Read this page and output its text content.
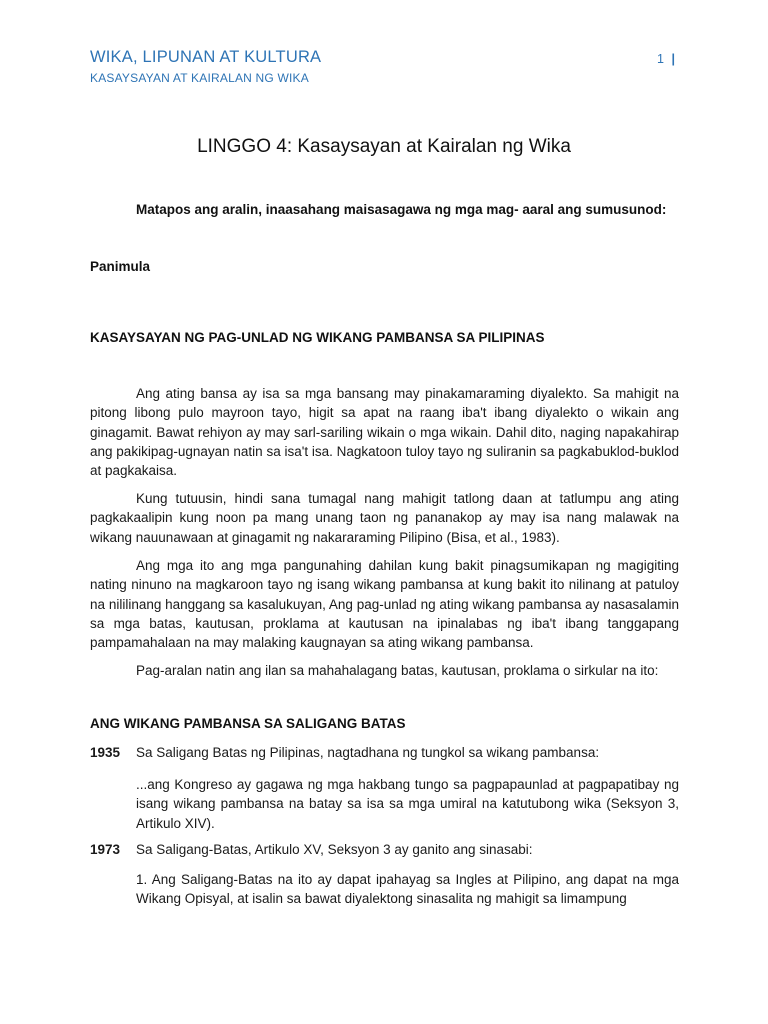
WIKA, LIPUNAN AT KULTURA
KASAYSAYAN AT KAIRALAN NG WIKA
1 |
LINGGO 4: Kasaysayan at Kairalan ng Wika
Matapos ang aralin, inaasahang maisasagawa ng mga mag- aaral ang sumusunod:
Panimula
KASAYSAYAN NG PAG-UNLAD NG WIKANG PAMBANSA SA PILIPINAS

Ang ating bansa ay isa sa mga bansang may pinakamaraming diyalekto. Sa mahigit na pitong libong pulo mayroon tayo, higit sa apat na raang iba't ibang diyalekto o wikain ang ginagamit. Bawat rehiyon ay may sarl-sariling wikain o mga wikain. Dahil dito, naging napakahirap ang pakikipag-ugnayan natin sa isa't isa. Nagkatoon tuloy tayo ng suliranin sa pagkabuklod-buklod at pagkakaisa.

Kung tutuusin, hindi sana tumagal nang mahigit tatlong daan at tatlumpu ang ating pagkakaalipin kung noon pa mang unang taon ng pananakop ay may isa nang malawak na wikang nauunawaan at ginagamit ng nakararaming Pilipino (Bisa, et al., 1983).

Ang mga ito ang mga pangunahing dahilan kung bakit pinagsumikapan ng magigiting nating ninuno na magkaroon tayo ng isang wikang pambansa at kung bakit ito nilinang at patuloy na nililinang hanggang sa kasalukuyan, Ang pag-unlad ng ating wikang pambansa ay nasasalamin sa mga batas, kautusan, proklama at kautusan na ipinalabas ng iba't ibang tanggapang pampamahalaan na may malaking kaugnayan sa ating wikang pambansa.

Pag-aralan natin ang ilan sa mahahalagang batas, kautusan, proklama o sirkular na ito:

ANG WIKANG PAMBANSA SA SALIGANG BATAS
1935 Sa Saligang Batas ng Pilipinas, nagtadhana ng tungkol sa wikang pambansa:

...ang Kongreso ay gagawa ng mga hakbang tungo sa pagpapaunlad at pagpapatibay ng isang wikang pambansa na batay sa isa sa mga umiral na katutubong wika (Seksyon 3, Artikulo XIV).

1973 Sa Saligang-Batas, Artikulo XV, Seksyon 3 ay ganito ang sinasabi:

1. Ang Saligang-Batas na ito ay dapat ipahayag sa Ingles at Pilipino, ang dapat na mga Wikang Opisyal, at isalin sa bawat diyalektong sinasalita ng mahigit sa limampung
